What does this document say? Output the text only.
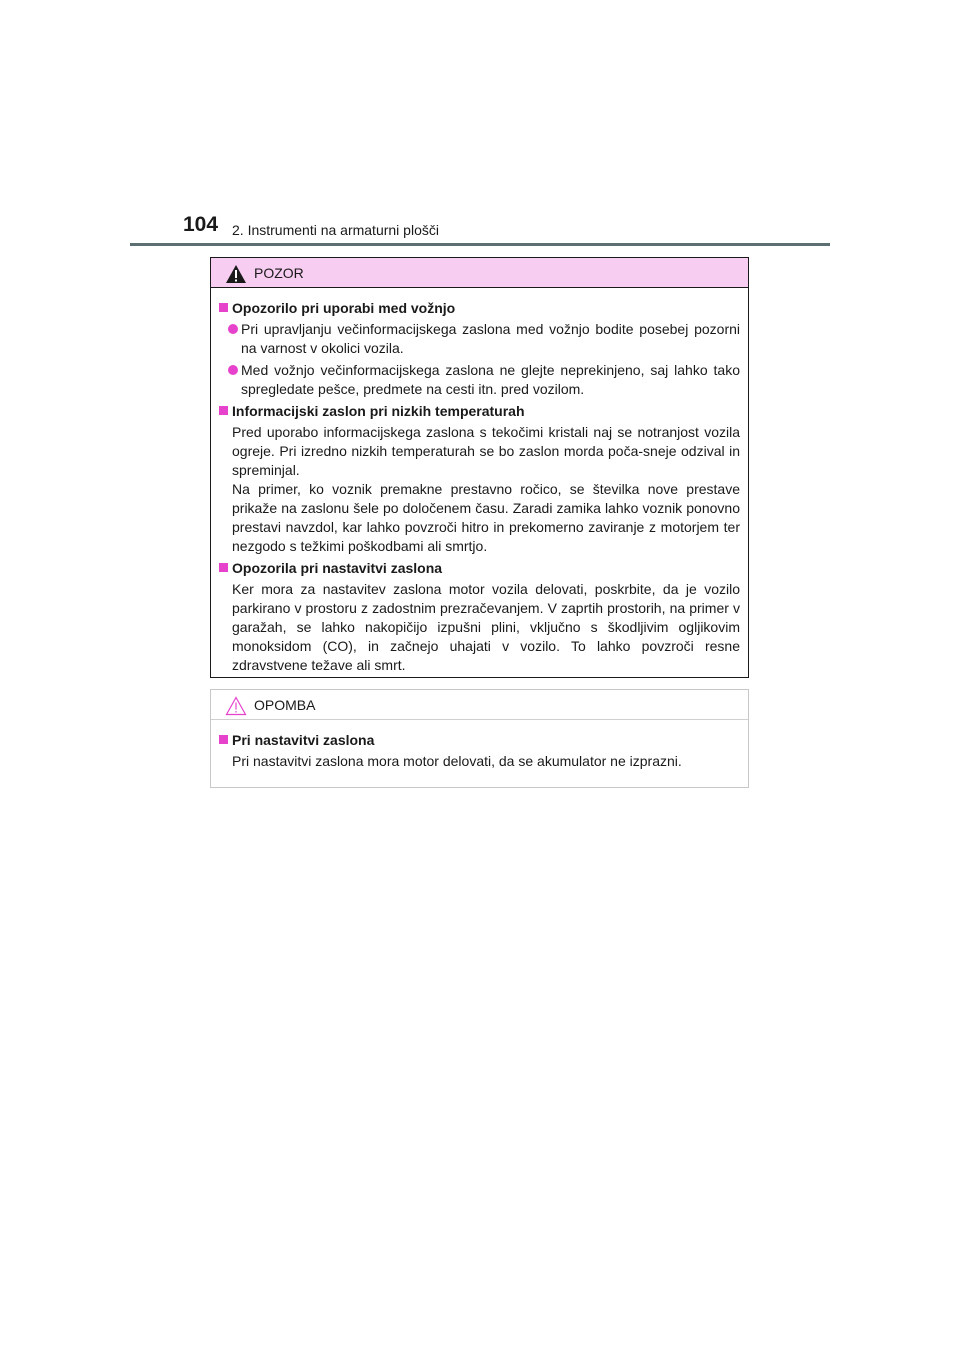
104 2. Instrumenti na armaturni plošči
POZOR
Opozorilo pri uporabi med vožnjo
Pri upravljanju večinformacijskega zaslona med vožnjo bodite posebej pozorni na varnost v okolici vozila.
Med vožnjo večinformacijskega zaslona ne glejte neprekinjeno, saj lahko tako spregledate pešce, predmete na cesti itn. pred vozilom.
Informacijski zaslon pri nizkih temperaturah

Pred uporabo informacijskega zaslona s tekočimi kristali naj se notranjost vozila ogreje. Pri izredno nizkih temperaturah se bo zaslon morda poča-sneje odzival in spreminjal.

Na primer, ko voznik premakne prestavno ročico, se številka nove prestave prikaže na zaslonu šele po določenem času. Zaradi zamika lahko voznik ponovno prestavi navzdol, kar lahko povzroči hitro in prekomerno zaviranje z motorjem ter nezgodo s težkimi poškodbami ali smrtjo.

Opozorila pri nastavitvi zaslona

Ker mora za nastavitev zaslona motor vozila delovati, poskrbite, da je vozilo parkirano v prostoru z zadostnim prezračevanjem. V zaprtih prostorih, na primer v garažah, se lahko nakopičijo izpušni plini, vključno s škodljivim ogljikovim monoksidom (CO), in začnejo uhajati v vozilo. To lahko povzroči resne zdravstvene težave ali smrt.

OPOMBA
Pri nastavitvi zaslona

Pri nastavitvi zaslona mora motor delovati, da se akumulator ne izprazni.
